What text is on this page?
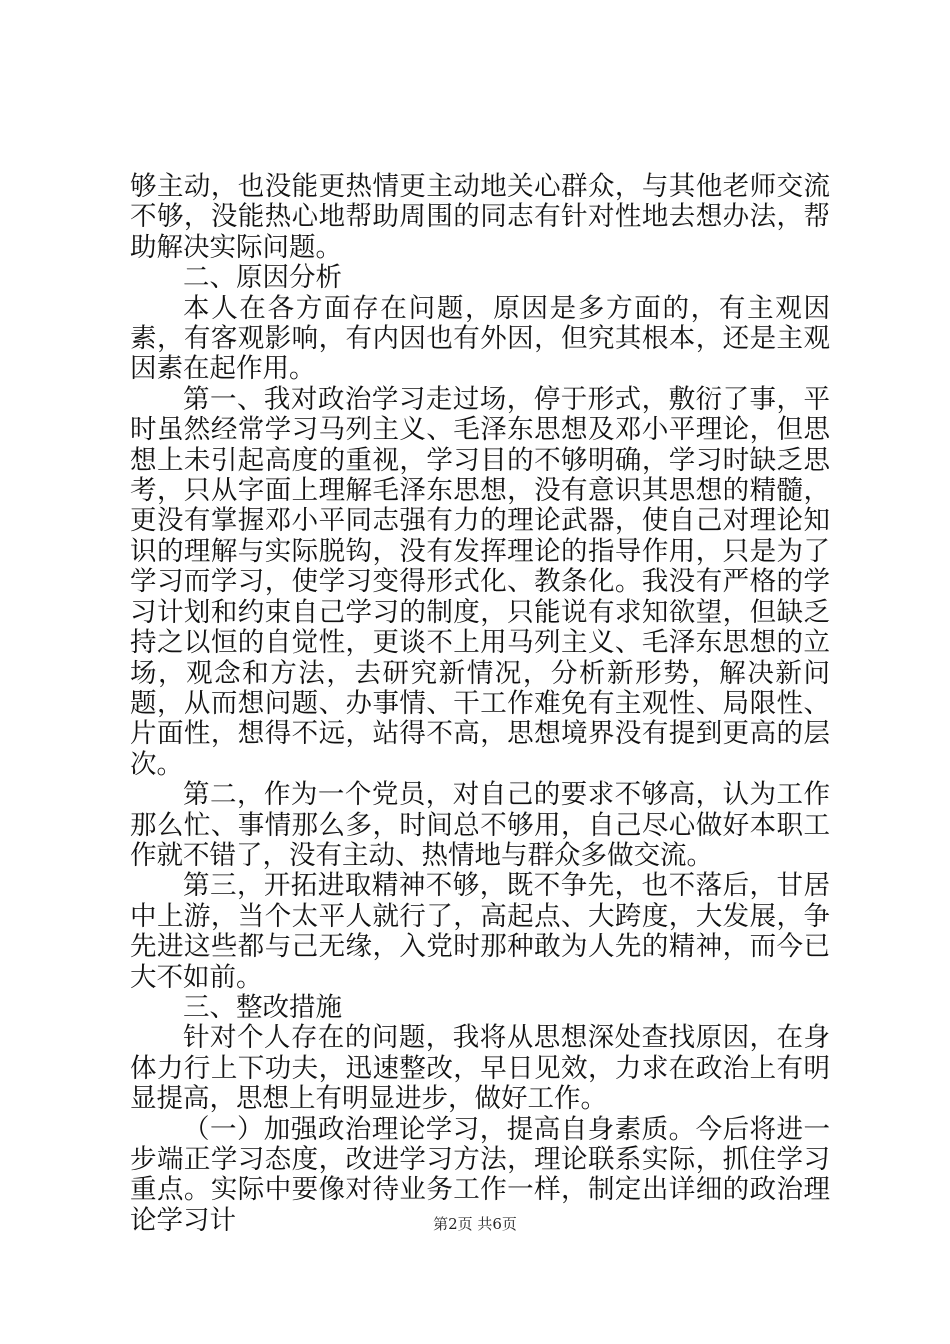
够主动，也没能更热情更主动地关心群众，与其他老师交流不够，没能热心地帮助周围的同志有针对性地去想办法，帮助解决实际问题。

二、原因分析

本人在各方面存在问题，原因是多方面的，有主观因素，有客观影响，有内因也有外因，但究其根本，还是主观因素在起作用。

第一、我对政治学习走过场，停于形式，敷衍了事，平时虽然经常学习马列主义、毛泽东思想及邓小平理论，但思想上未引起高度的重视，学习目的不够明确，学习时缺乏思考，只从字面上理解毛泽东思想，没有意识其思想的精髓，更没有掌握邓小平同志强有力的理论武器，使自己对理论知识的理解与实际脱钩，没有发挥理论的指导作用，只是为了学习而学习，使学习变得形式化、教条化。我没有严格的学习计划和约束自己学习的制度，只能说有求知欲望，但缺乏持之以恒的自觉性，更谈不上用马列主义、毛泽东思想的立场，观念和方法，去研究新情况，分析新形势，解决新问题，从而想问题、办事情、干工作难免有主观性、局限性、片面性，想得不远，站得不高，思想境界没有提到更高的层次。

第二，作为一个党员，对自己的要求不够高，认为工作那么忙、事情那么多，时间总不够用，自己尽心做好本职工作就不错了，没有主动、热情地与群众多做交流。

第三，开拓进取精神不够，既不争先，也不落后，甘居中上游，当个太平人就行了，高起点、大跨度，大发展，争先进这些都与己无缘，入党时那种敢为人先的精神，而今已大不如前。

三、整改措施

针对个人存在的问题，我将从思想深处查找原因，在身体力行上下功夫，迅速整改，早日见效，力求在政治上有明显提高，思想上有明显进步，做好工作。

（一）加强政治理论学习，提高自身素质。今后将进一步端正学习态度，改进学习方法，理论联系实际，抓住学习重点。实际中要像对待业务工作一样，制定出详细的政治理论学习计	第2页 共6页
